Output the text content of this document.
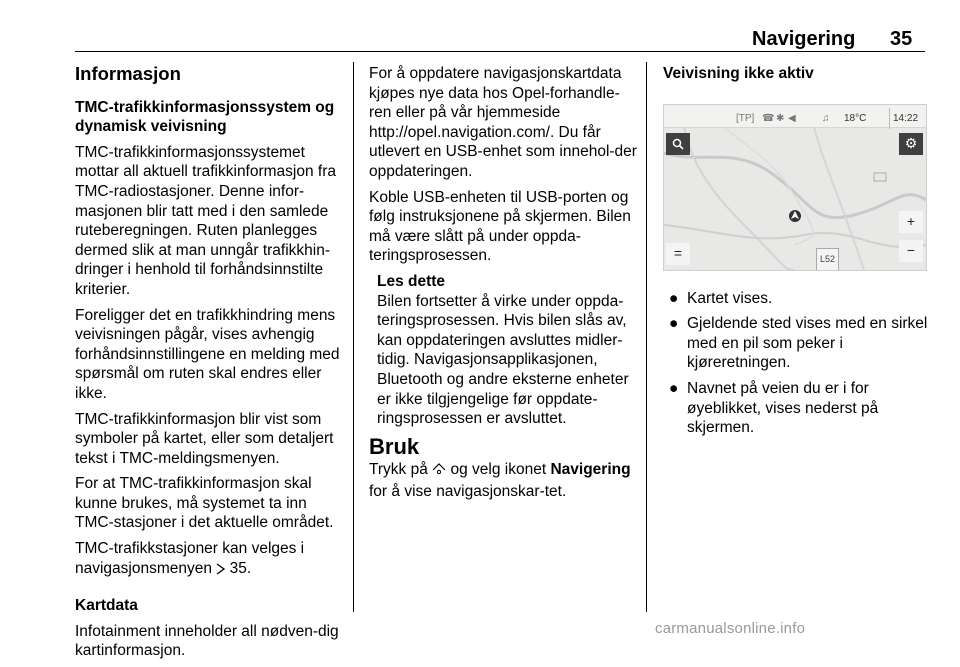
Navigering 35
Informasjon

TMC-trafikkinformasjonssystem og dynamisk veivisning

TMC-trafikkinformasjonssystemet mottar all aktuell trafikkinformasjon fra TMC-radiostasjoner. Denne infor-masjonen blir tatt med i den samlede ruteberegningen. Ruten planlegges dermed slik at man unngår trafikkhin-dringer i henhold til forhåndsinnstilte kriterier.

Foreligger det en trafikkhindring mens veivisningen pågår, vises avhengig forhåndsinnstillingene en melding med spørsmål om ruten skal endres eller ikke.

TMC-trafikkinformasjon blir vist som symboler på kartet, eller som detaljert tekst i TMC-meldingsmenyen.

For at TMC-trafikkinformasjon skal kunne brukes, må systemet ta inn TMC-stasjoner i det aktuelle området.

TMC-trafikkstasjoner kan velges i navigasjonsmenyen 35.

Kartdata

Infotainment inneholder all nødven-dig kartinformasjon.

For å oppdatere navigasjonskartdata kjøpes nye data hos Opel-forhandle-ren eller på vår hjemmeside http://opel.navigation.com/. Du får utlevert en USB-enhet som innehol-der oppdateringen.

Koble USB-enheten til USB-porten og følg instruksjonene på skjermen. Bilen må være slått på under oppda-teringsprosessen.

Les dette
Bilen fortsetter å virke under oppda-teringsprosessen. Hvis bilen slås av, kan oppdateringen avsluttes midler-tidig. Navigasjonsapplikasjonen, Bluetooth og andre eksterne enheter er ikke tilgjengelige før oppdate-ringsprosessen er avsluttet.
Bruk

Trykk på og velg ikonet Navigering for å vise navigasjonskar-tet.

Veivisning ikke aktiv

[TP] ☎ ✱ ◀	♫ 18°C	14:22
⚙
+
−
=	L52
● Kartet vises.
● Gjeldende sted vises med en sirkel med en pil som peker i kjøreretningen.
● Navnet på veien du er i for øyeblikket, vises nederst på skjermen.
carmanualsonline.info
